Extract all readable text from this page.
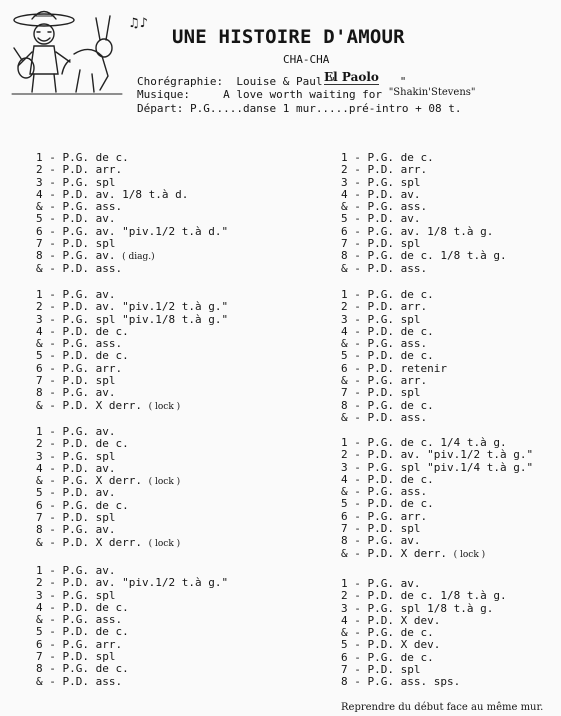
♫♪
UNE HISTOIRE D'AMOUR
CHA-CHA
Chorégraphie: Louise & Paul "	"
Musique:	A love worth waiting for "Shakin'Stevens"
Départ: P.G.....danse 1 mur.....pré-intro + 08 t.
El Paolo
1 - P.G. de c.
2 - P.D. arr.
3 - P.G. spl
4 - P.D. av. 1/8 t.à d.
& - P.G. ass.
5 - P.D. av.
6 - P.G. av. "piv.1/2 t.à d."
7 - P.D. spl
8 - P.G. av. ( diag.)
& - P.D. ass.
1 - P.G. av.
2 - P.D. av. "piv.1/2 t.à g."
3 - P.G. spl "piv.1/8 t.à g."
4 - P.D. de c.
& - P.G. ass.
5 - P.D. de c.
6 - P.G. arr.
7 - P.D. spl
8 - P.G. av.
& - P.D. X derr. ( lock )
1 - P.G. av.
2 - P.D. de c.
3 - P.G. spl
4 - P.D. av.
& - P.G. X derr. ( lock )
5 - P.D. av.
6 - P.G. de c.
7 - P.D. spl
8 - P.G. av.
& - P.D. X derr. ( lock )
1 - P.G. av.
2 - P.D. av. "piv.1/2 t.à g."
3 - P.G. spl
4 - P.D. de c.
& - P.G. ass.
5 - P.D. de c.
6 - P.G. arr.
7 - P.D. spl
8 - P.G. de c.
& - P.D. ass.
1 - P.G. de c.
2 - P.D. arr.
3 - P.G. spl
4 - P.D. av.
& - P.G. ass.
5 - P.D. av.
6 - P.G. av. 1/8 t.à g.
7 - P.D. spl
8 - P.G. de c. 1/8 t.à g.
& - P.D. ass.
1 - P.G. de c.
2 - P.D. arr.
3 - P.G. spl
4 - P.D. de c.
& - P.G. ass.
5 - P.D. de c.
6 - P.D. retenir
& - P.G. arr.
7 - P.D. spl
8 - P.G. de c.
& - P.D. ass.
1 - P.G. de c. 1/4 t.à g.
2 - P.D. av. "piv.1/2 t.à g."
3 - P.G. spl "piv.1/4 t.à g."
4 - P.D. de c.
& - P.G. ass.
5 - P.D. de c.
6 - P.G. arr.
7 - P.D. spl
8 - P.G. av.
& - P.D. X derr. ( lock )
1 - P.G. av.
2 - P.D. de c. 1/8 t.à g.
3 - P.G. spl 1/8 t.à g.
4 - P.D. X dev.
& - P.G. de c.
5 - P.D. X dev.
6 - P.G. de c.
7 - P.D. spl
8 - P.G. ass. sps.
Reprendre du début face au même mur.
